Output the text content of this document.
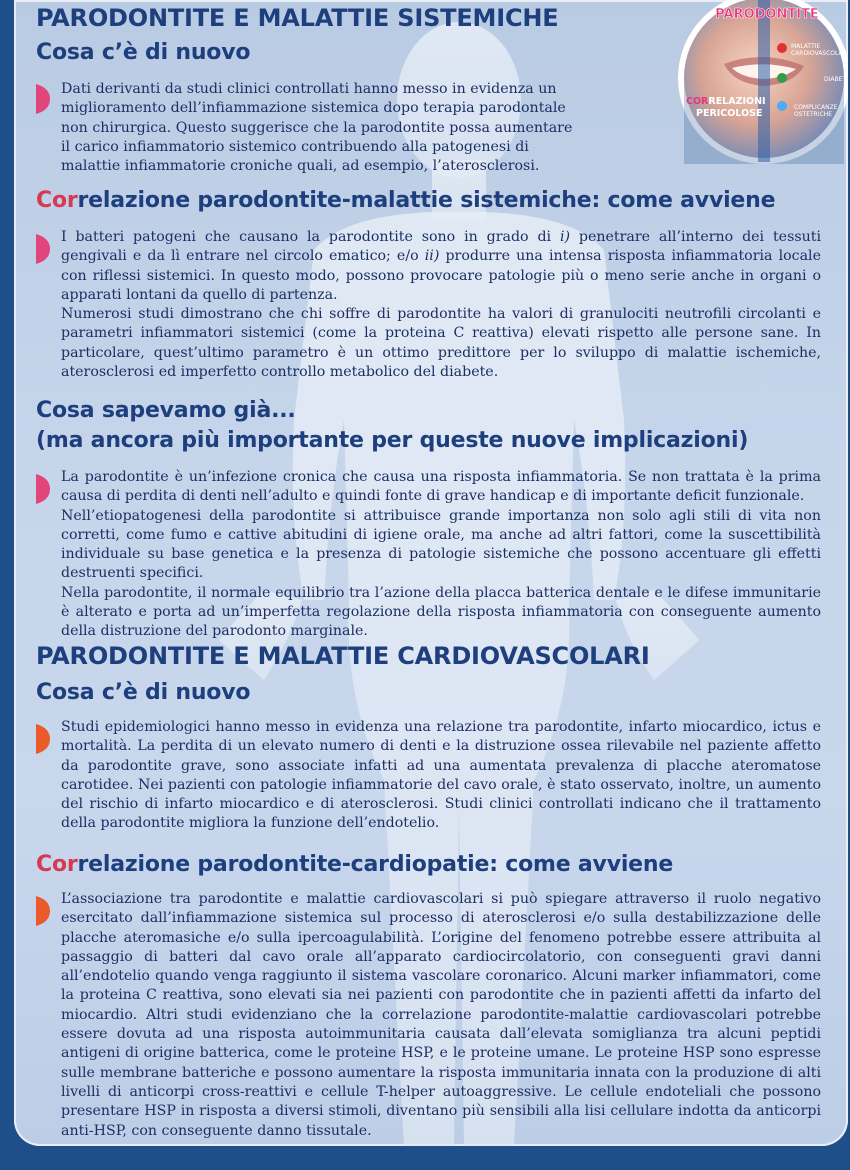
PARODONTITE
MALATTIE
CARDIOVASCOLARI
DIABETE
COMPLICANZE
OSTETRICHE
CORRELAZIONI
PERICOLOSE
PARODONTITE E MALATTIE SISTEMICHE
Cosa c’è di nuovo

Dati derivanti da studi clinici controllati hanno messo in evidenza un miglioramento dell’infiammazione sistemica dopo terapia parodontale non chirurgica. Questo suggerisce che la parodontite possa aumentare il carico infiammatorio sistemico contribuendo alla patogenesi di malattie infiammatorie croniche quali, ad esempio, l’aterosclerosi.

Correlazione parodontite-malattie sistemiche: come avviene
I batteri patogeni che causano la parodontite sono in grado di i) penetrare all’interno dei tessuti gengivali e da lì entrare nel circolo ematico; e/o ii) produrre una intensa risposta infiammatoria locale con riflessi sistemici. In questo modo, possono provocare patologie più o meno serie anche in organi o apparati lontani da quello di partenza.
Numerosi studi dimostrano che chi soffre di parodontite ha valori di granulociti neutrofili circolanti e parametri infiammatori sistemici (come la proteina C reattiva) elevati rispetto alle persone sane. In particolare, quest’ultimo parametro è un ottimo predittore per lo sviluppo di malattie ischemiche, aterosclerosi ed imperfetto controllo metabolico del diabete.
Cosa sapevamo già...
(ma ancora più importante per queste nuove implicazioni)
La parodontite è un’infezione cronica che causa una risposta infiammatoria. Se non trattata è la prima causa di perdita di denti nell’adulto e quindi fonte di grave handicap e di importante deficit funzionale.
Nell’etiopatogenesi della parodontite si attribuisce grande importanza non solo agli stili di vita non corretti, come fumo e cattive abitudini di igiene orale, ma anche ad altri fattori, come la suscettibilità individuale su base genetica e la presenza di patologie sistemiche che possono accentuare gli effetti destruenti specifici.
Nella parodontite, il normale equilibrio tra l’azione della placca batterica dentale e le difese immunitarie è alterato e porta ad un’imperfetta regolazione della risposta infiammatoria con conseguente aumento della distruzione del parodonto marginale.
PARODONTITE E MALATTIE CARDIOVASCOLARI
Cosa c’è di nuovo

Studi epidemiologici hanno messo in evidenza una relazione tra parodontite, infarto miocardico, ictus e mortalità. La perdita di un elevato numero di denti e la distruzione ossea rilevabile nel paziente affetto da parodontite grave, sono associate infatti ad una aumentata prevalenza di placche ateromatose carotidee. Nei pazienti con patologie infiammatorie del cavo orale, è stato osservato, inoltre, un aumento del rischio di infarto miocardico e di aterosclerosi. Studi clinici controllati indicano che il trattamento della parodontite migliora la funzione dell’endotelio.

Correlazione parodontite-cardiopatie: come avviene

L’associazione tra parodontite e malattie cardiovascolari si può spiegare attraverso il ruolo negativo esercitato dall’infiammazione sistemica sul processo di aterosclerosi e/o sulla destabilizzazione delle placche ateromasiche e/o sulla ipercoagulabilità. L’origine del fenomeno potrebbe essere attribuita al passaggio di batteri dal cavo orale all’apparato cardiocircolatorio, con conseguenti gravi danni all’endotelio quando venga raggiunto il sistema vascolare coronarico. Alcuni marker infiammatori, come la proteina C reattiva, sono elevati sia nei pazienti con parodontite che in pazienti affetti da infarto del miocardio. Altri studi evidenziano che la correlazione parodontite-malattie cardiovascolari potrebbe essere dovuta ad una risposta autoimmunitaria causata dall’elevata somiglianza tra alcuni peptidi antigeni di origine batterica, come le proteine HSP, e le proteine umane. Le proteine HSP sono espresse sulle membrane batteriche e possono aumentare la risposta immunitaria innata con la produzione di alti livelli di anticorpi cross-reattivi e cellule T-helper autoaggressive. Le cellule endoteliali che possono presentare HSP in risposta a diversi stimoli, diventano più sensibili alla lisi cellulare indotta da anticorpi anti-HSP, con conseguente danno tissutale.
